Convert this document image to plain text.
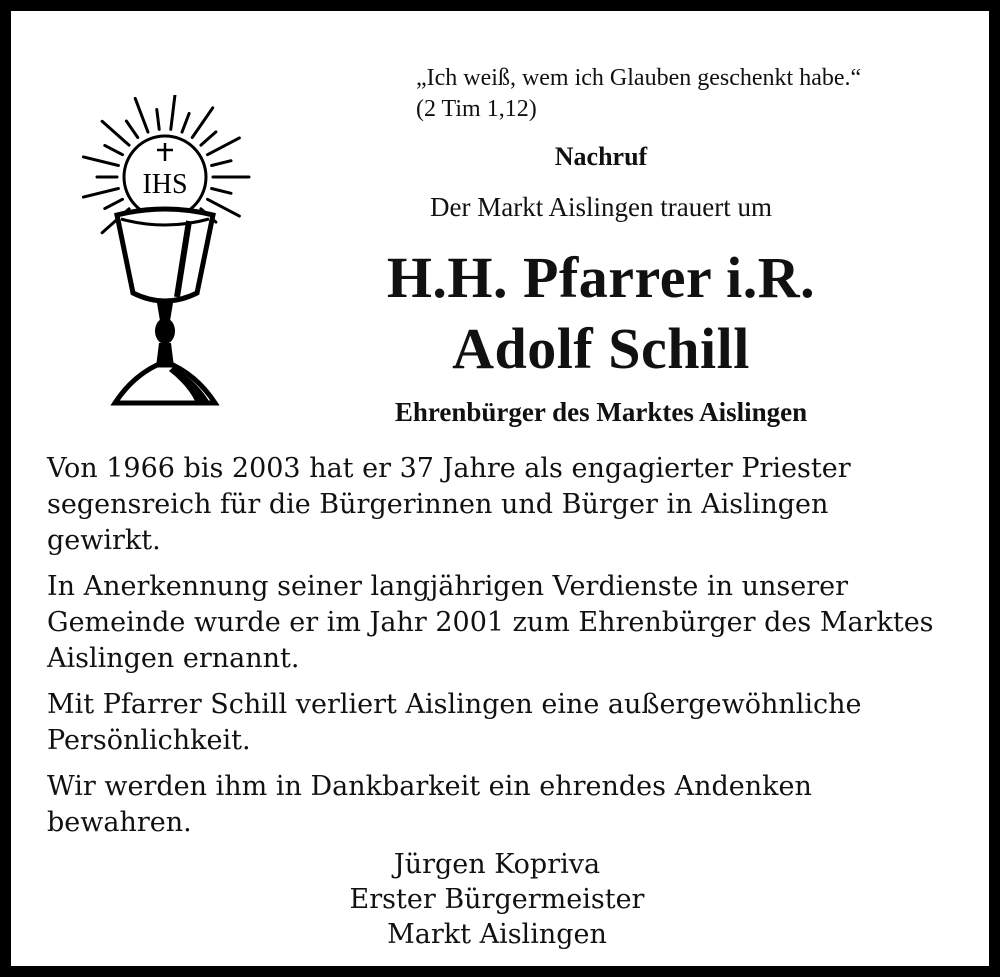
IHS
„Ich weiß, wem ich Glauben geschenkt habe.“
(2 Tim 1,12)
Nachruf
Der Markt Aislingen trauert um
H.H. Pfarrer i.R.
Adolf Schill
Ehrenbürger des Marktes Aislingen

Von 1966 bis 2003 hat er 37 Jahre als engagierter Priester segensreich für die Bürgerinnen und Bürger in Aislingen gewirkt.

In Anerkennung seiner langjährigen Verdienste in unserer Gemeinde wurde er im Jahr 2001 zum Ehrenbürger des Marktes Aislingen ernannt.

Mit Pfarrer Schill verliert Aislingen eine außergewöhnliche Persönlichkeit.

Wir werden ihm in Dankbarkeit ein ehrendes Andenken bewahren.

Jürgen Kopriva
Erster Bürgermeister
Markt Aislingen
